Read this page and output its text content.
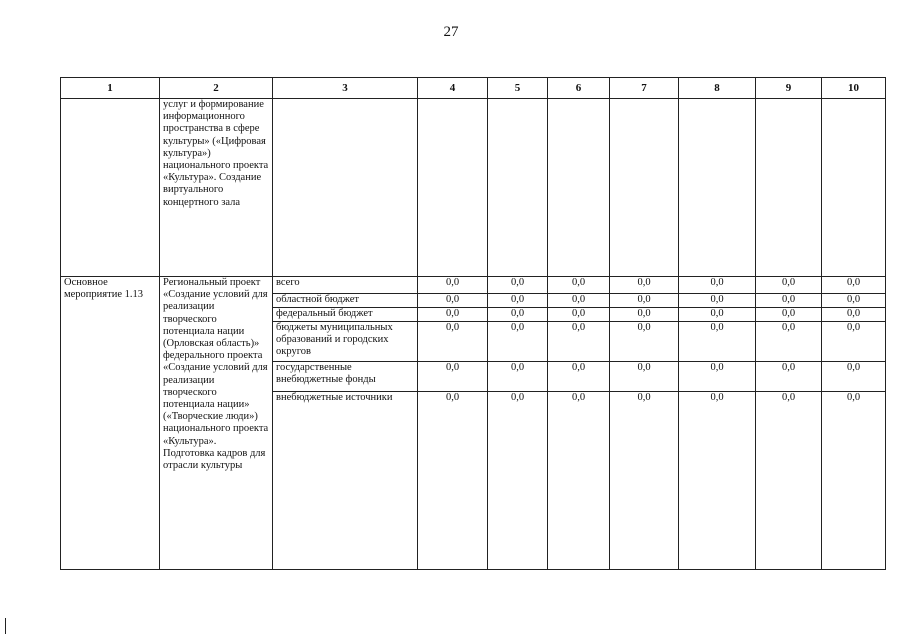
27
1	2	3	4	5	6	7	8	9	10
	услуг и формирование информационного пространства в сфере культуры» («Цифровая культура») национального проекта «Культура». Создание виртуального концертного зала								
Основное мероприятие 1.13	Региональный проект «Создание условий для реализации творческого потенциала нации (Орловская область)» федерального проекта «Создание условий для реализации творческого потенциала нации» («Творческие люди») национального проекта «Культура». Подготовка кадров для отрасли культуры	всего	0,0	0,0	0,0	0,0	0,0	0,0	0,0
		областной бюджет	0,0	0,0	0,0	0,0	0,0	0,0	0,0
		федеральный бюджет	0,0	0,0	0,0	0,0	0,0	0,0	0,0
		бюджеты муниципальных образований и городских округов	0,0	0,0	0,0	0,0	0,0	0,0	0,0
		государственные внебюджетные фонды	0,0	0,0	0,0	0,0	0,0	0,0	0,0
		внебюджетные источники	0,0	0,0	0,0	0,0	0,0	0,0	0,0
